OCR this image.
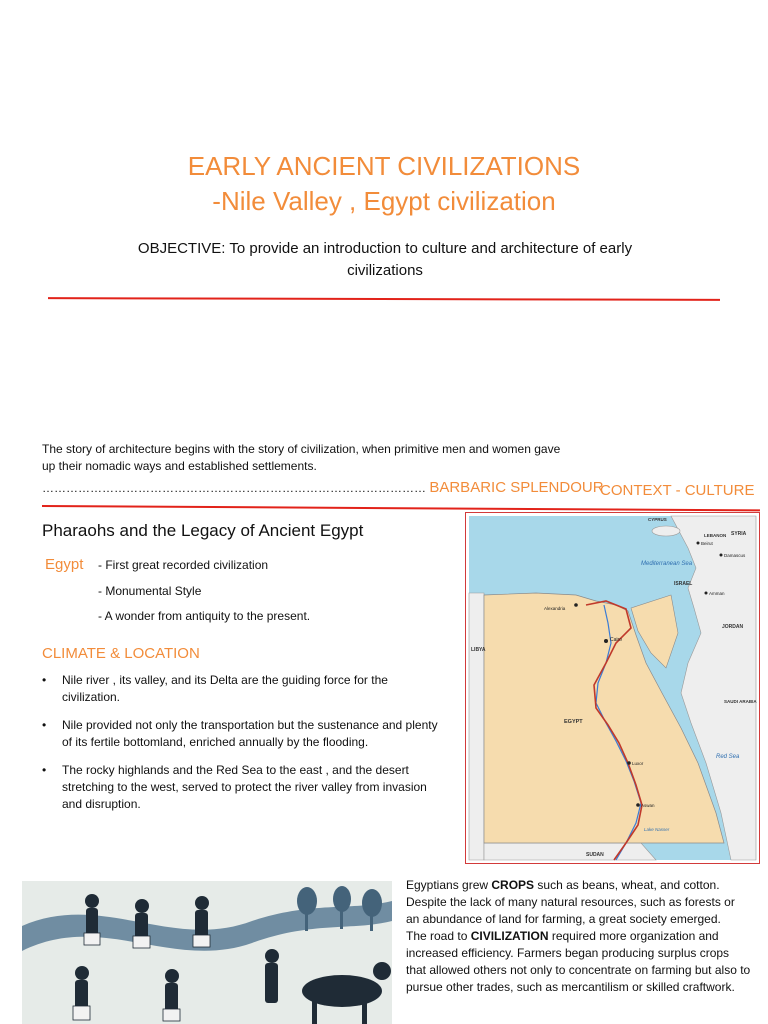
EARLY ANCIENT CIVILIZATIONS
-Nile Valley , Egypt civilization

OBJECTIVE: To provide an introduction to culture and architecture of early civilizations

The story of architecture begins with the story of civilization, when primitive men and women gave up their nomadic ways and established settlements.

…………………………………………………………………………………… BARBARIC SPLENDOUR
CONTEXT - CULTURE
Pharaohs and the Legacy of Ancient Egypt
Egypt - First great recorded civilization
- Monumental Style
- A wonder from antiquity to the present.
CLIMATE & LOCATION
• Nile river , its valley, and its Delta are the guiding force for the civilization.
• Nile provided not only the transportation but the sustenance and plenty of its fertile bottomland, enriched annually by the flooding.
• The rocky highlands and the Red Sea to the east , and the desert stretching to the west, served to protect the river valley from invasion and disruption.
Mediterranean Sea
Red Sea
EGYPT
LIBYA
SUDAN
ISRAEL
JORDAN
SYRIA
LEBANON
SAUDI ARABIA
CYPRUS
Cairo
Alexandria
Luxor
Aswan
Lake Nasser
Beirut
Damascus
Amman
Egyptians grew CROPS such as beans, wheat, and cotton. Despite the lack of many natural resources, such as forests or an abundance of land for farming, a great society emerged.
The road to CIVILIZATION required more organization and increased efficiency. Farmers began producing surplus crops that allowed others not only to concentrate on farming but also to pursue other trades, such as mercantilism or skilled craftwork.
